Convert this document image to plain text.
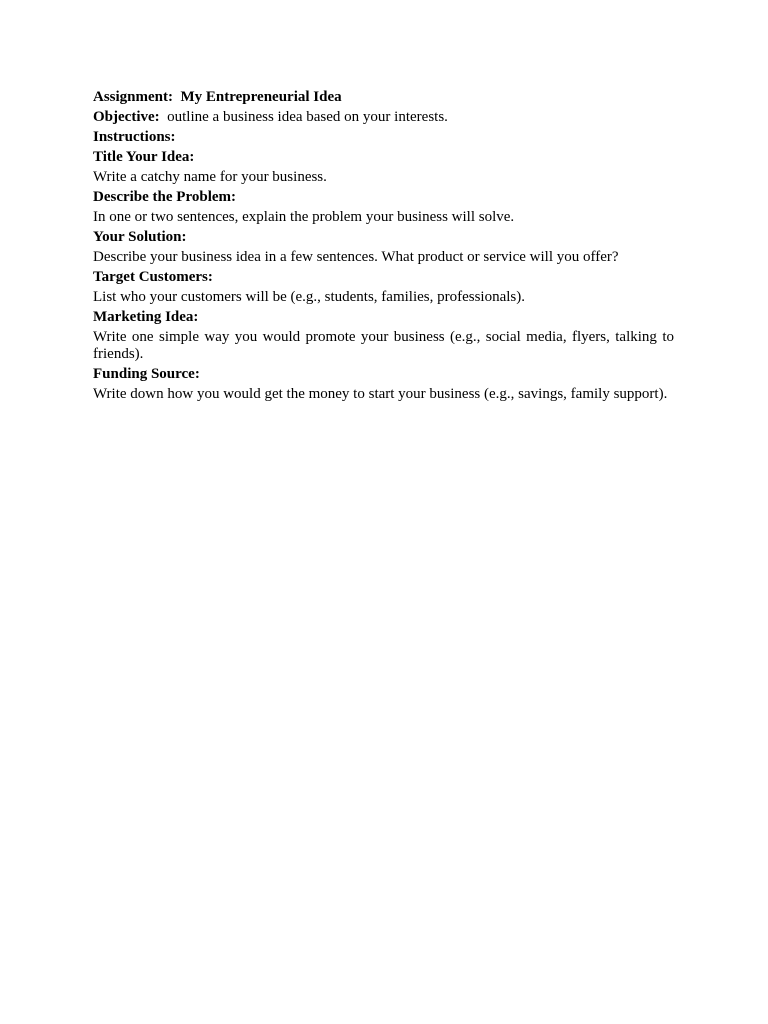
Assignment: My Entrepreneurial Idea

Objective: outline a business idea based on your interests.

Instructions:

Title Your Idea:

Write a catchy name for your business.

Describe the Problem:

In one or two sentences, explain the problem your business will solve.

Your Solution:

Describe your business idea in a few sentences. What product or service will you offer?

Target Customers:

List who your customers will be (e.g., students, families, professionals).

Marketing Idea:

Write one simple way you would promote your business (e.g., social media, flyers, talking to friends).

Funding Source:

Write down how you would get the money to start your business (e.g., savings, family support).
